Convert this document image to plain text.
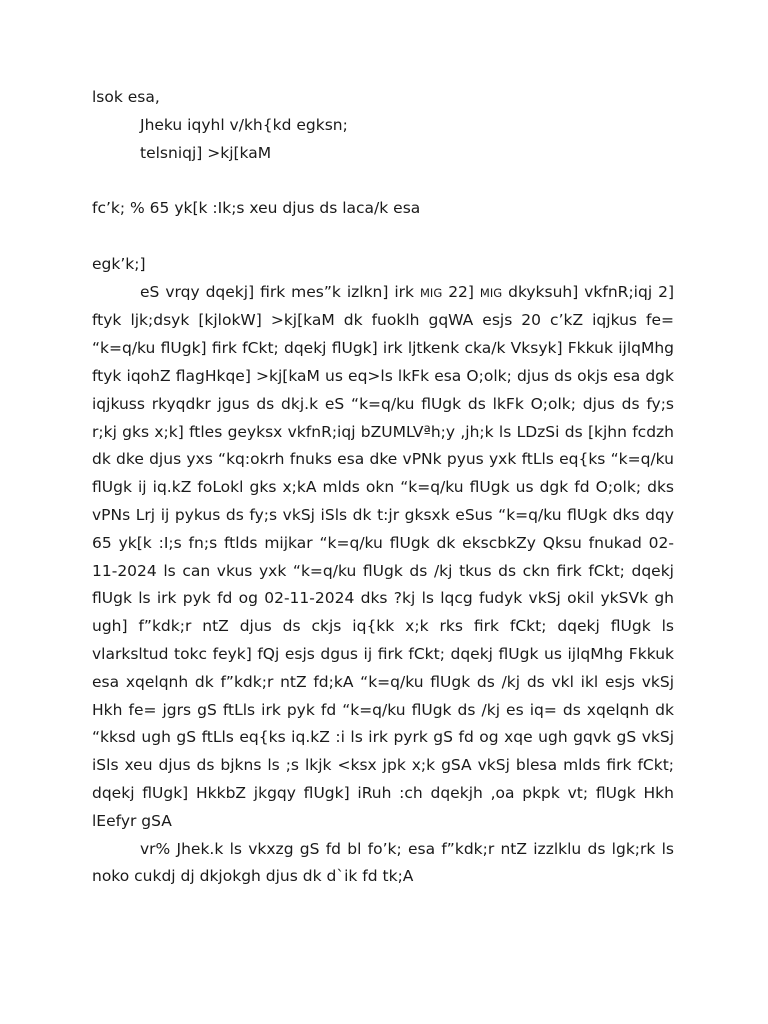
lsok esa,
Jheku iqyhl v/kh{kd egksn;
telsniqj] >kj[kaM
fc’k; % 65 yk[k :Ik;s xeu djus ds laca/k esa
egk’k;]

eS vrqy dqekj] firk mes”k izlkn] irk MIG 22] MIG dkyksuh] vkfnR;iqj 2] ftyk ljk;dsyk [kjlokW] >kj[kaM dk fuoklh gqWA esjs 20 c’kZ iqjkus fe= “k=q/ku flUgk] firk fCkt; dqekj flUgk] irk ljtkenk cka/k Vksyk] Fkkuk ijlqMhg ftyk iqohZ flagHkqe] >kj[kaM us eq>ls lkFk esa O;olk; djus ds okjs esa dgk iqjkuss rkyqdkr jgus ds dkj.k eS “k=q/ku flUgk ds lkFk O;olk; djus ds fy;s r;kj gks x;k] ftles geyksx vkfnR;iqj bZUMLVªh;y ,jh;k ls LDzSi ds [kjhn fcdzh dk dke djus yxs “kq:okrh fnuks esa dke vPNk pyus yxk ftLls eq{ks “k=q/ku flUgk ij iq.kZ foLokl gks x;kA mlds okn “k=q/ku flUgk us dgk fd O;olk; dks vPNs Lrj ij pykus ds fy;s vkSj iSls dk t:jr gksxk eSus “k=q/ku flUgk dks dqy 65 yk[k :I;s fn;s ftlds mijkar “k=q/ku flUgk dk ekscbkZy Qksu fnukad 02-11-2024 ls can vkus yxk “k=q/ku flUgk ds /kj tkus ds ckn firk fCkt; dqekj flUgk ls irk pyk fd og 02-11-2024 dks ?kj ls lqcg fudyk vkSj okil ykSVk gh ugh] f”kdk;r ntZ djus ds ckjs iq{kk x;k rks firk fCkt; dqekj flUgk ls vlarksltud tokc feyk] fQj esjs dgus ij firk fCkt; dqekj flUgk us ijlqMhg Fkkuk esa xqelqnh dk f”kdk;r ntZ fd;kA “k=q/ku flUgk ds /kj ds vkl ikl esjs vkSj Hkh fe= jgrs gS ftLls irk pyk fd “k=q/ku flUgk ds /kj es iq= ds xqelqnh dk “kksd ugh gS ftLls eq{ks iq.kZ :i ls irk pyrk gS fd og xqe ugh gqvk gS vkSj iSls xeu djus ds bjkns ls ;s lkjk <ksx jpk x;k gSA vkSj blesa mlds firk fCkt; dqekj flUgk] HkkbZ jkgqy flUgk] iRuh :ch dqekjh ,oa pkpk vt; flUgk Hkh lEefyr gSA

vr% Jhek.k ls vkxzg gS fd bl fo’k; esa f”kdk;r ntZ izzlklu ds lgk;rk ls noko cukdj dj dkjokgh djus dk d`ik fd tk;A
